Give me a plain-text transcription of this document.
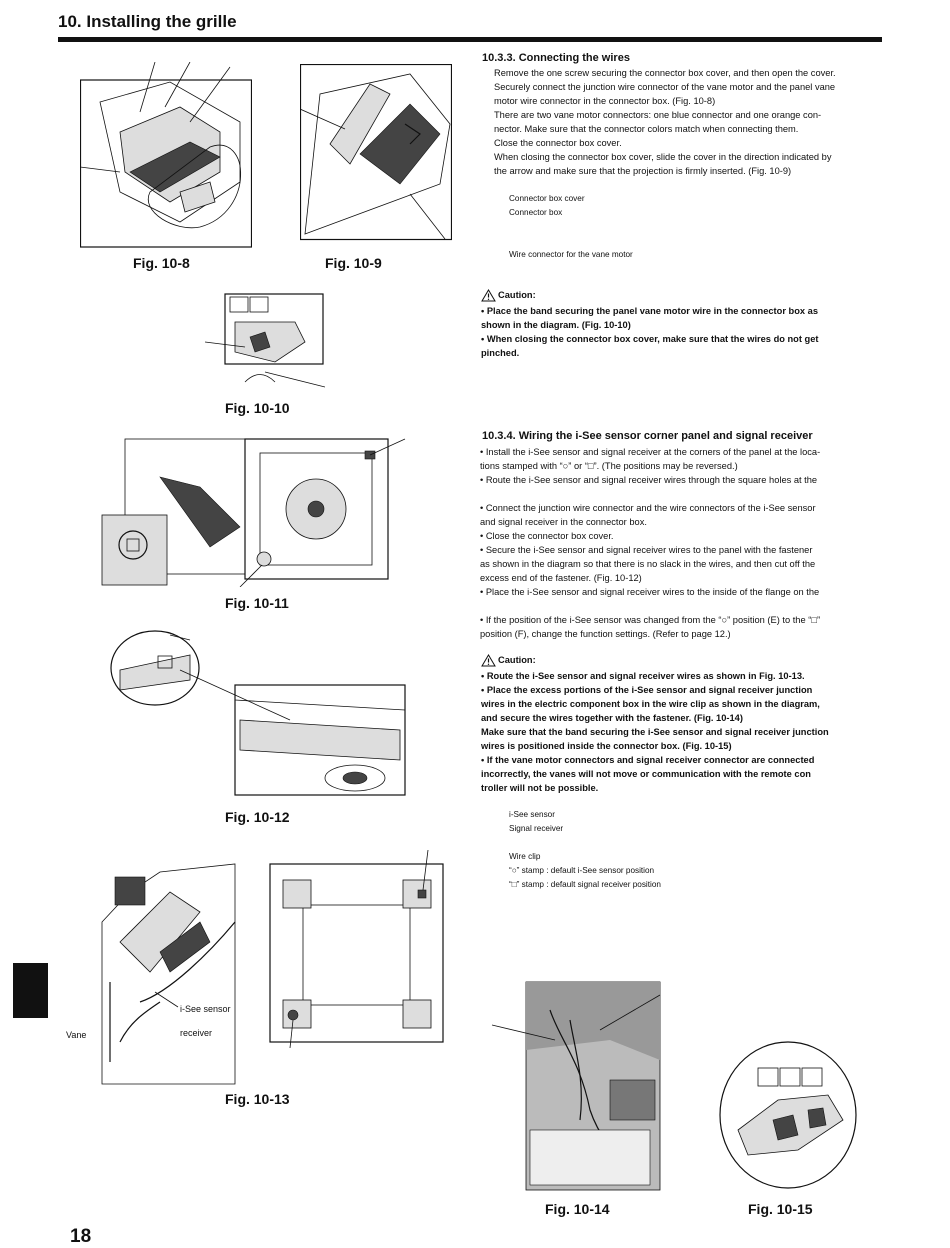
10. Installing the grille
Fig. 10-8	Fig. 10-9
Fig. 10-10
Fig. 10-11
Fig. 10-12
Vane
i-See sensor
receiver
Fig. 10-13
Fig. 10-14	Fig. 10-15
10.3.3. Connecting the wires
Remove the one screw securing the connector box cover, and then open the cover.
Securely connect the junction wire connector of the vane motor and the panel vane
motor wire connector in the connector box. (Fig. 10-8)
There are two vane motor connectors: one blue connector and one orange con-
nector. Make sure that the connector colors match when connecting them.
Close the connector box cover.
When closing the connector box cover, slide the cover in the direction indicated by
the arrow and make sure that the projection is firmly inserted. (Fig. 10-9)
Connector box cover
Connector box
Wire connector for the vane motor
Caution:
• Place the band securing the panel vane motor wire in the connector box as
shown in the diagram. (Fig. 10-10)
• When closing the connector box cover, make sure that the wires do not get
pinched.
10.3.4. Wiring the i-See sensor corner panel and signal receiver
• Install the i-See sensor and signal receiver at the corners of the panel at the loca-
tions stamped with “○” or “□”. (The positions may be reversed.)
• Route the i-See sensor and signal receiver wires through the square holes at the
• Connect the junction wire connector and the wire connectors of the i-See sensor
and signal receiver in the connector box.
• Close the connector box cover.
• Secure the i-See sensor and signal receiver wires to the panel with the fastener
as shown in the diagram so that there is no slack in the wires, and then cut off the
excess end of the fastener. (Fig. 10-12)
• Place the i-See sensor and signal receiver wires to the inside of the flange on the
• If the position of the i-See sensor was changed from the “○” position (E) to the “□”
position (F), change the function settings. (Refer to page 12.)
Caution:
• Route the i-See sensor and signal receiver wires as shown in Fig. 10-13.
• Place the excess portions of the i-See sensor and signal receiver junction
wires in the electric component box in the wire clip as shown in the diagram,
and secure the wires together with the fastener. (Fig. 10-14)
Make sure that the band securing the i-See sensor and signal receiver junction
wires is positioned inside the connector box. (Fig. 10-15)
• If the vane motor connectors and signal receiver connector are connected
incorrectly, the vanes will not move or communication with the remote con
troller will not be possible.
i-See sensor
Signal receiver
Wire clip
“○” stamp : default i-See sensor position
“□” stamp : default signal receiver position
18
